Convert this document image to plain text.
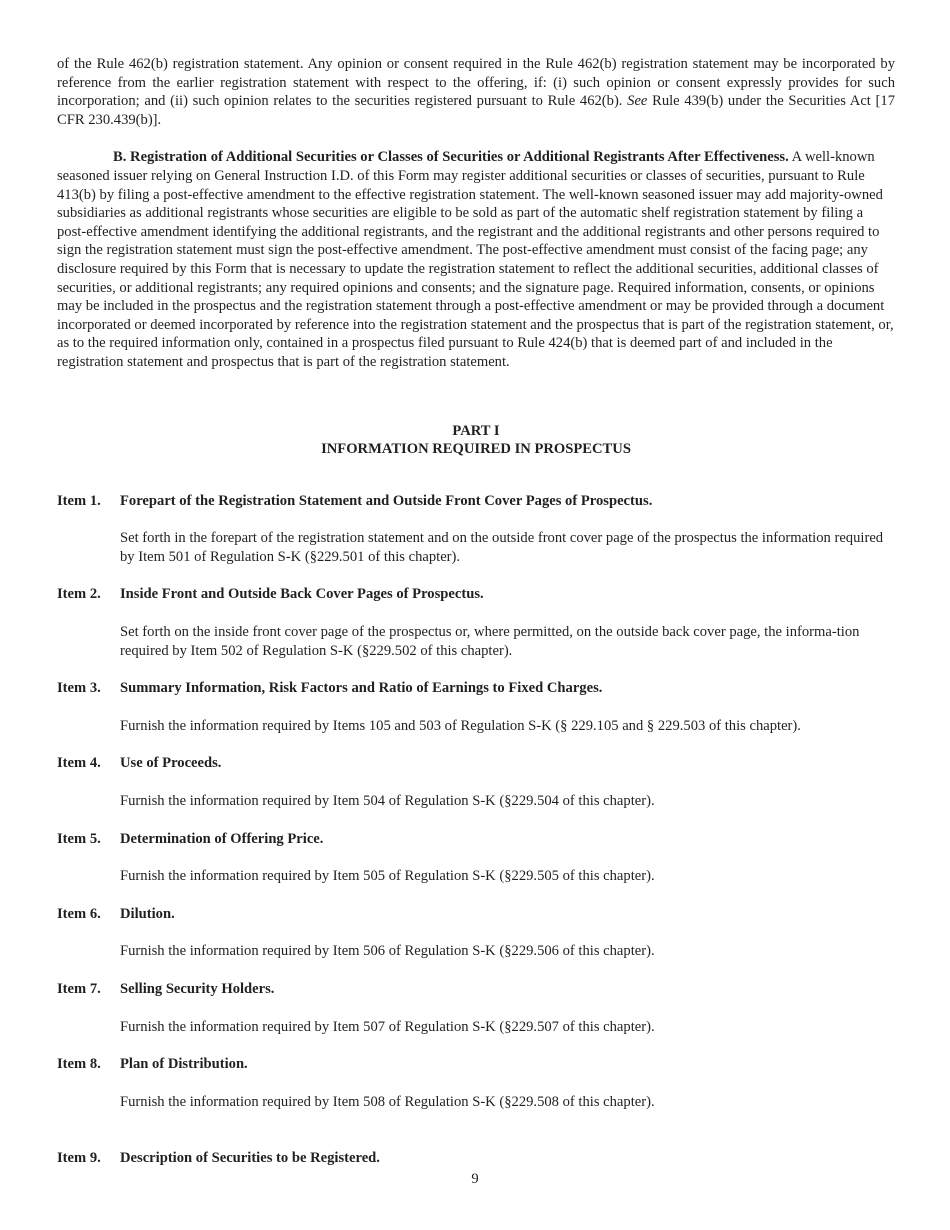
of the Rule 462(b) registration statement. Any opinion or consent required in the Rule 462(b) registration statement may be incorporated by reference from the earlier registration statement with respect to the offering, if: (i) such opinion or consent expressly provides for such incorporation; and (ii) such opinion relates to the securities registered pursuant to Rule 462(b). See Rule 439(b) under the Securities Act [17 CFR 230.439(b)].

B. Registration of Additional Securities or Classes of Securities or Additional Registrants After Effectiveness. A well-known seasoned issuer relying on General Instruction I.D. of this Form may register additional securities or classes of securities, pursuant to Rule 413(b) by filing a post-effective amendment to the effective registration statement. The well-known seasoned issuer may add majority-owned subsidiaries as additional registrants whose securities are eligible to be sold as part of the automatic shelf registration statement by filing a post-effective amendment identifying the additional registrants, and the registrant and the additional registrants and other persons required to sign the registration statement must sign the post-effective amendment. The post-effective amendment must consist of the facing page; any disclosure required by this Form that is necessary to update the registration statement to reflect the additional securities, additional classes of securities, or additional registrants; any required opinions and consents; and the signature page. Required information, consents, or opinions may be included in the prospectus and the registration statement through a post-effective amendment or may be provided through a document incorporated or deemed incorporated by reference into the registration statement and the prospectus that is part of the registration statement, or, as to the required information only, contained in a prospectus filed pursuant to Rule 424(b) that is deemed part of and included in the registration statement and prospectus that is part of the registration statement.

PART I
INFORMATION REQUIRED IN PROSPECTUS
Item 1.	Forepart of the Registration Statement and Outside Front Cover Pages of Prospectus.

Set forth in the forepart of the registration statement and on the outside front cover page of the prospectus the information required by Item 501 of Regulation S-K (§229.501 of this chapter).

Item 2.	Inside Front and Outside Back Cover Pages of Prospectus.

Set forth on the inside front cover page of the prospectus or, where permitted, on the outside back cover page, the informa-tion required by Item 502 of Regulation S-K (§229.502 of this chapter).

Item 3.	Summary Information, Risk Factors and Ratio of Earnings to Fixed Charges.

Furnish the information required by Items 105 and 503 of Regulation S-K (§ 229.105 and § 229.503 of this chapter).

Item 4.	Use of Proceeds.

Furnish the information required by Item 504 of Regulation S-K (§229.504 of this chapter).

Item 5.	Determination of Offering Price.

Furnish the information required by Item 505 of Regulation S-K (§229.505 of this chapter).

Item 6.	Dilution.

Furnish the information required by Item 506 of Regulation S-K (§229.506 of this chapter).

Item 7.	Selling Security Holders.

Furnish the information required by Item 507 of Regulation S-K (§229.507 of this chapter).

Item 8.	Plan of Distribution.

Furnish the information required by Item 508 of Regulation S-K (§229.508 of this chapter).

Item 9.	Description of Securities to be Registered.
9
